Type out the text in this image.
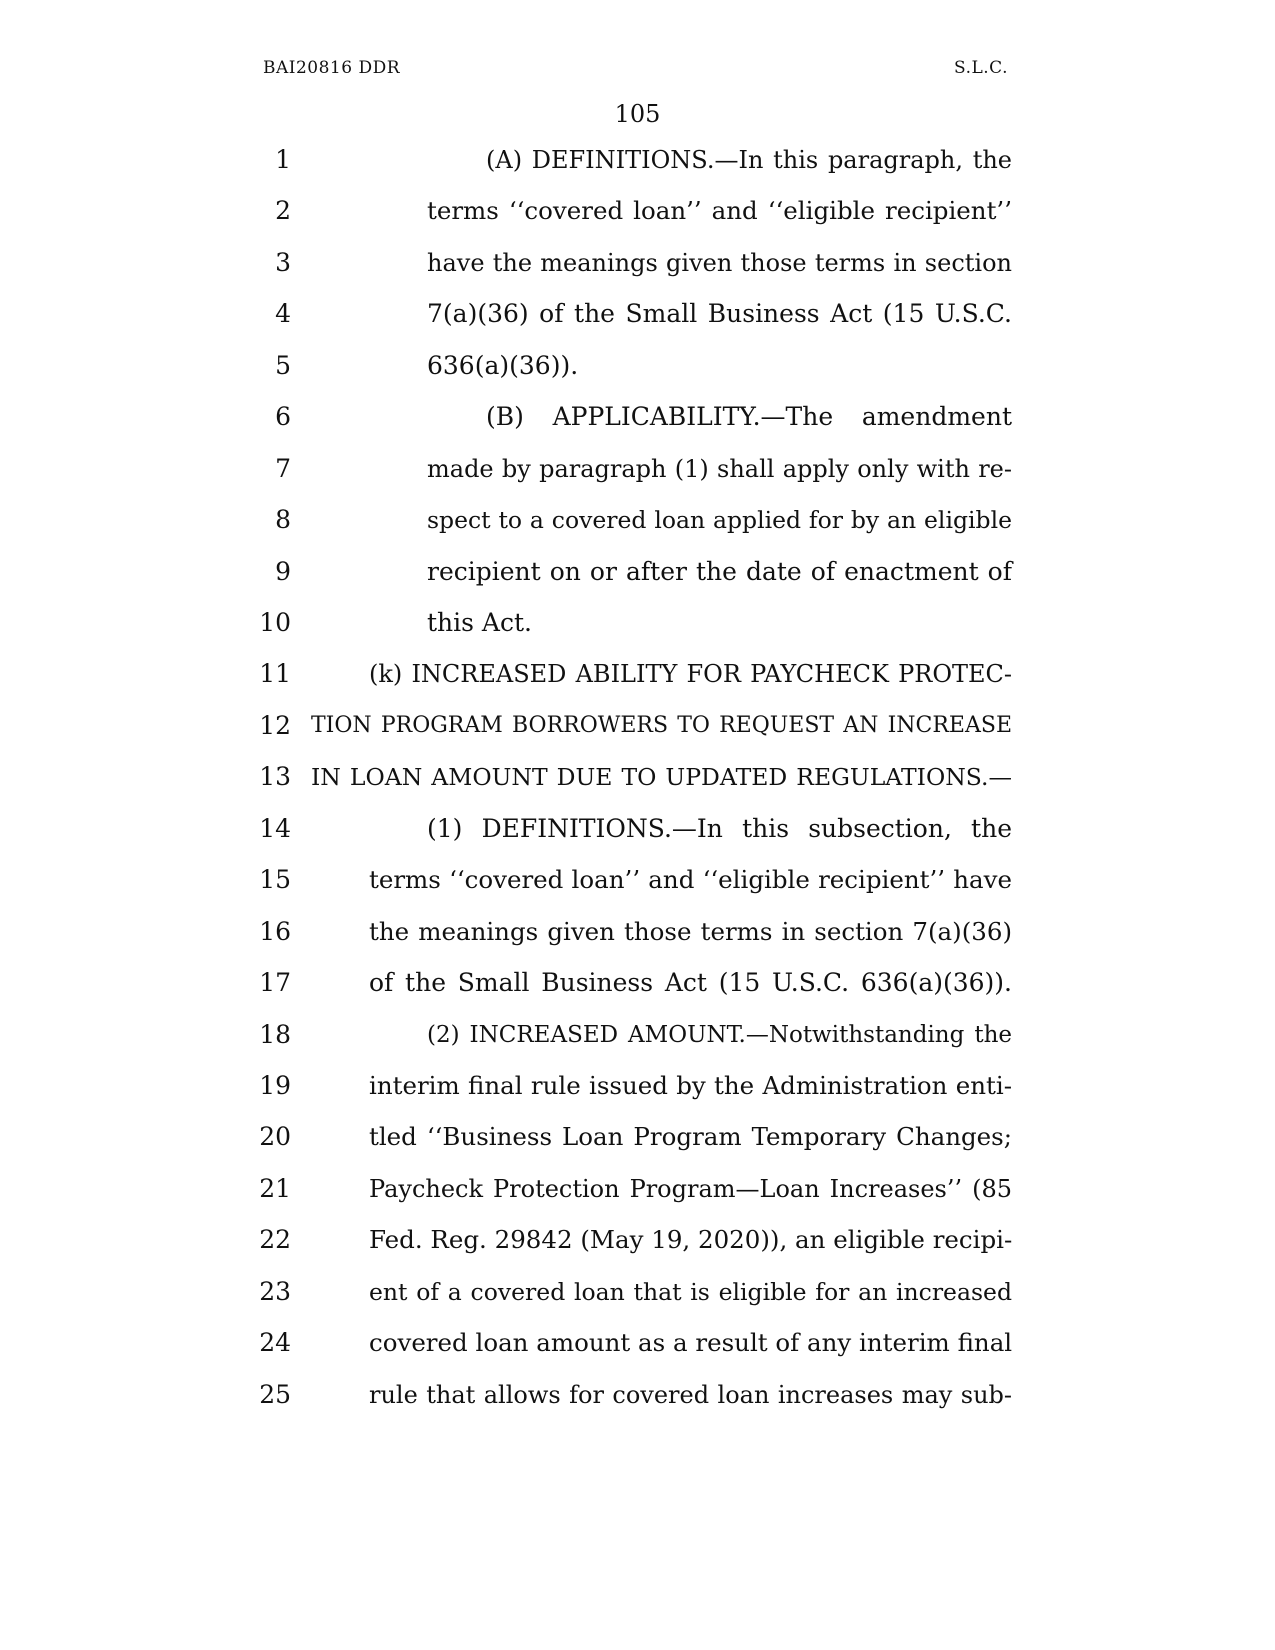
BAI20816 DDR	S.L.C.
105
1	(A) DEFINITIONS.—In this paragraph, the
2	terms ‘‘covered loan’’ and ‘‘eligible recipient’’
3	have the meanings given those terms in section
4	7(a)(36) of the Small Business Act (15 U.S.C.
5	636(a)(36)).
6	(B) APPLICABILITY.—The amendment
7	made by paragraph (1) shall apply only with re-
8	spect to a covered loan applied for by an eligible
9	recipient on or after the date of enactment of
10	this Act.
11	(k) INCREASED ABILITY FOR PAYCHECK PROTEC-
12 TION PROGRAM BORROWERS TO REQUEST AN INCREASE
13 IN LOAN AMOUNT DUE TO UPDATED REGULATIONS.—
14	(1) DEFINITIONS.—In this subsection, the
15	terms ‘‘covered loan’’ and ‘‘eligible recipient’’ have
16	the meanings given those terms in section 7(a)(36)
17	of the Small Business Act (15 U.S.C. 636(a)(36)).
18	(2) INCREASED AMOUNT.—Notwithstanding the
19	interim final rule issued by the Administration enti-
20	tled ‘‘Business Loan Program Temporary Changes;
21	Paycheck Protection Program—Loan Increases’’ (85
22	Fed. Reg. 29842 (May 19, 2020)), an eligible recipi-
23	ent of a covered loan that is eligible for an increased
24	covered loan amount as a result of any interim final
25	rule that allows for covered loan increases may sub-
